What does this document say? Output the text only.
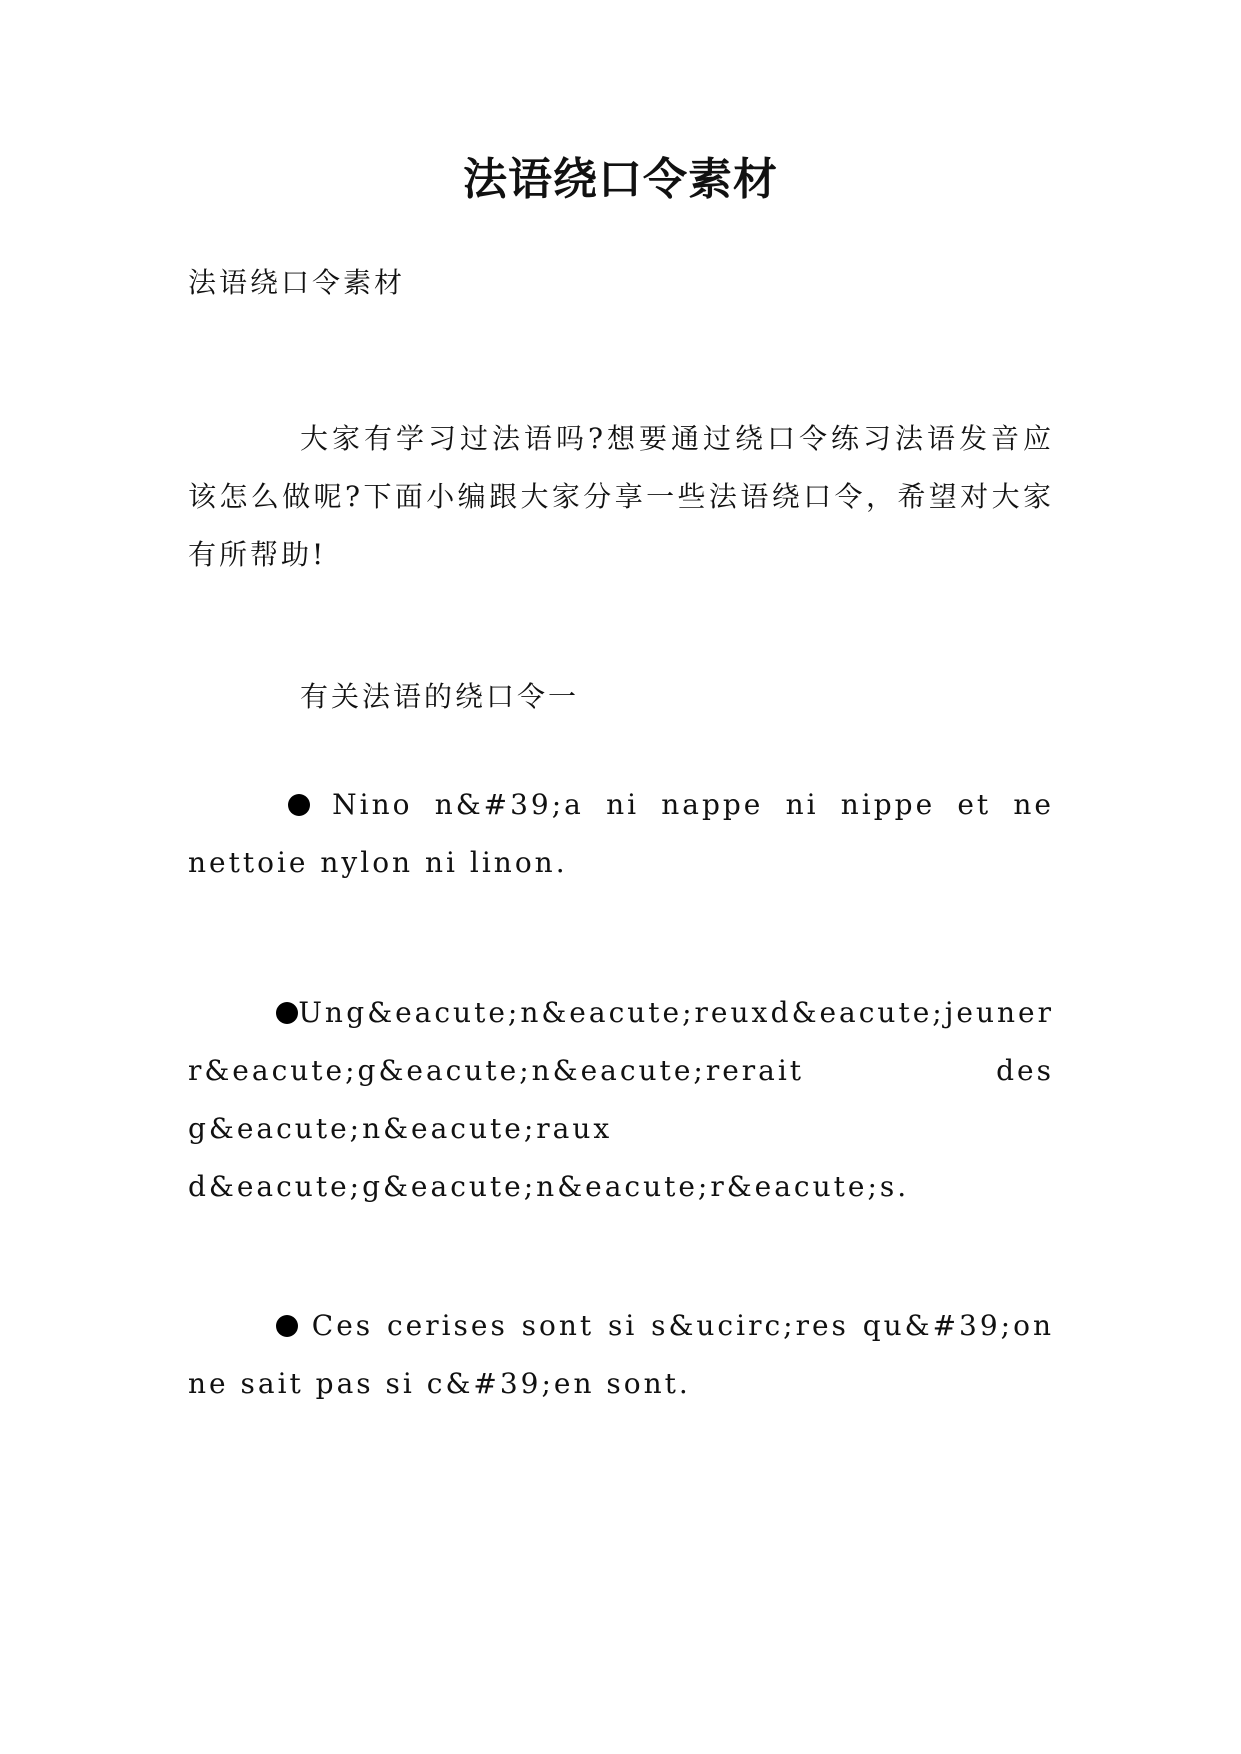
法语绕口令素材
法语绕口令素材
大家有学习过法语吗?想要通过绕口令练习法语发音应该怎么做呢?下面小编跟大家分享一些法语绕口令，希望对大家有所帮助!
有关法语的绕口令一
Nino n&#39;a ni nappe ni nippe et ne
nettoie nylon ni linon.
Un g&eacute;n&eacute;reux d&eacute;jeuner
r&eacute;g&eacute;n&eacute;rerait	des
g&eacute;n&eacute;raux
d&eacute;g&eacute;n&eacute;r&eacute;s.
Ces cerises sont si s&ucirc;res qu&#39;on
ne sait pas si c&#39;en sont.
